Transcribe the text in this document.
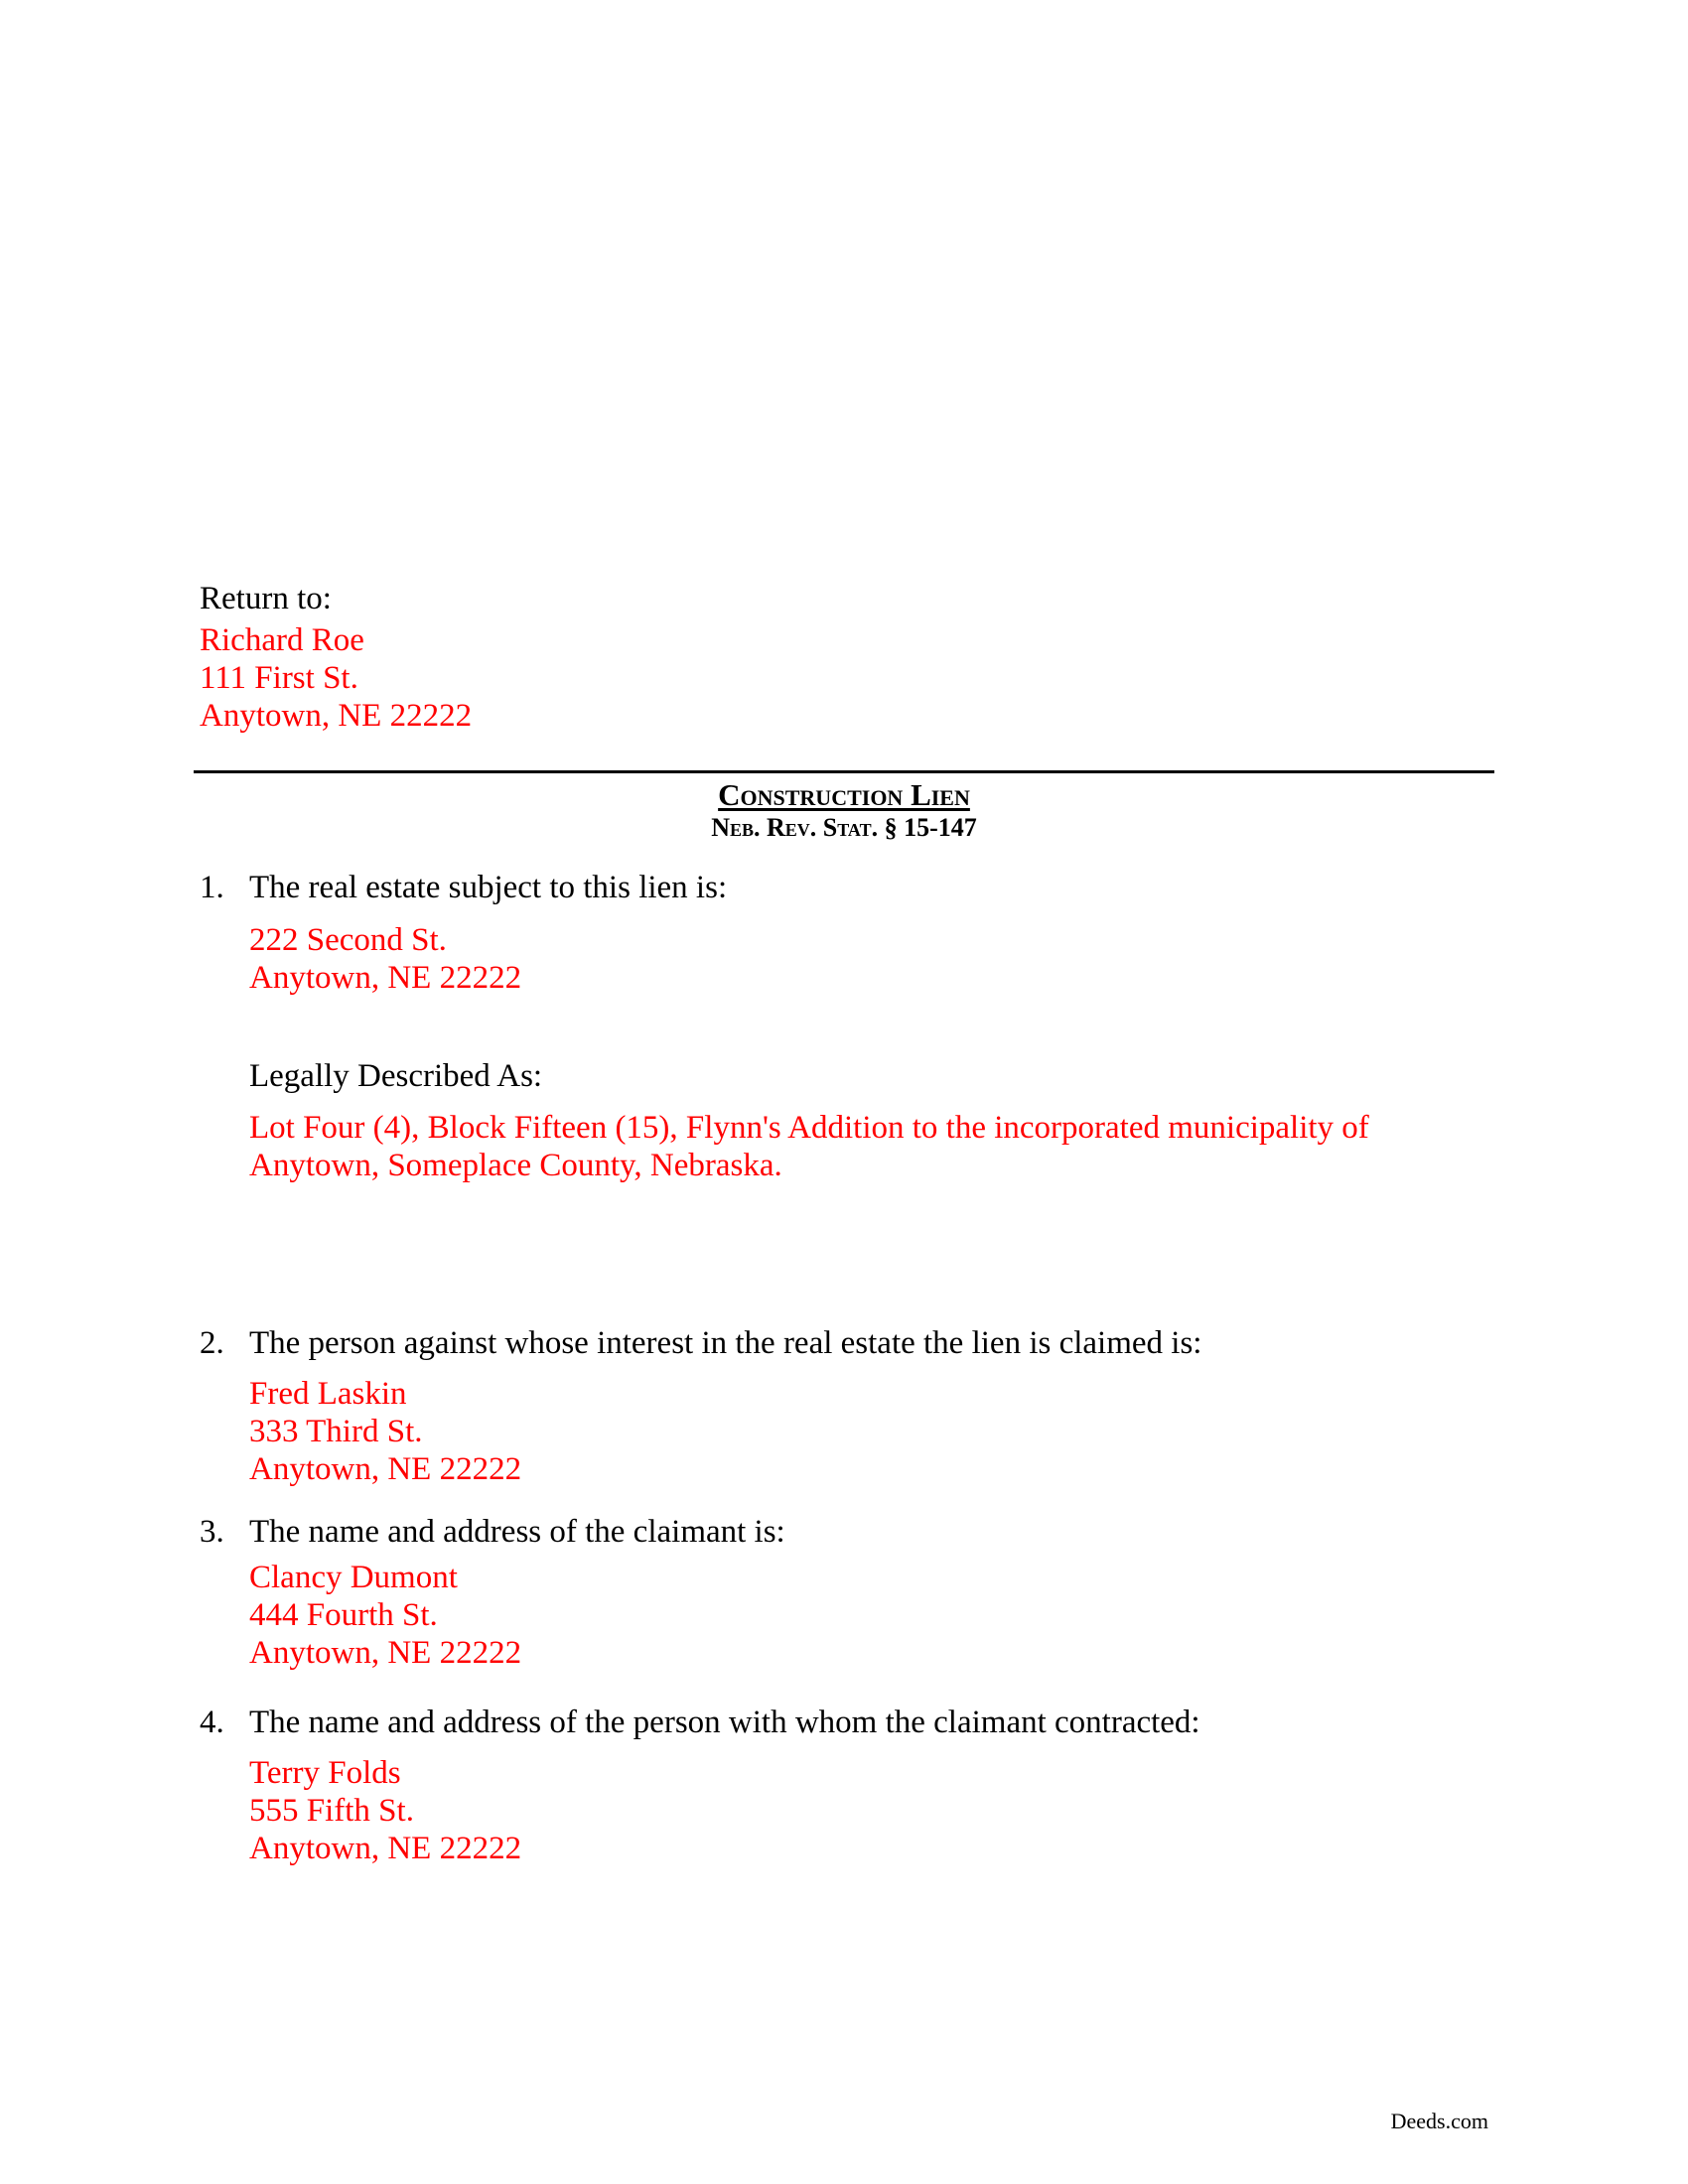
Return to:
Richard Roe
111 First St.
Anytown, NE 22222
Construction Lien
Neb. Rev. Stat. § 15-147
1. The real estate subject to this lien is:
222 Second St.
Anytown, NE 22222
Legally Described As:
Lot Four (4), Block Fifteen (15), Flynn's Addition to the incorporated municipality of
Anytown, Someplace County, Nebraska.
2. The person against whose interest in the real estate the lien is claimed is:
Fred Laskin
333 Third St.
Anytown, NE 22222
3. The name and address of the claimant is:
Clancy Dumont
444 Fourth St.
Anytown, NE 22222
4. The name and address of the person with whom the claimant contracted:
Terry Folds
555 Fifth St.
Anytown, NE 22222
Deeds.com
